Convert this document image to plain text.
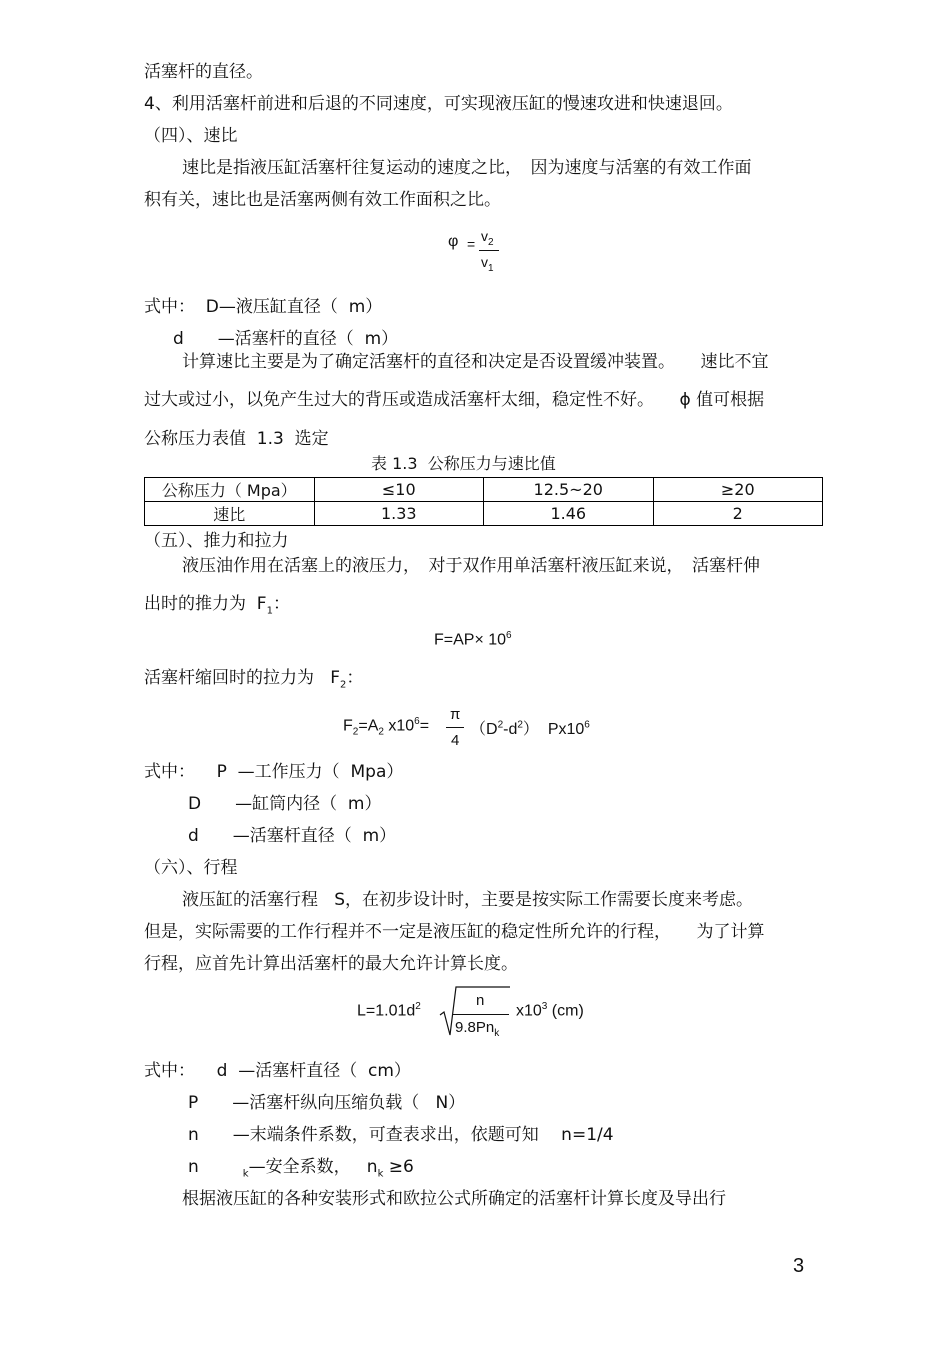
活塞杆的直径。
4、利用活塞杆前进和后退的不同速度，可实现液压缸的慢速攻进和快速退回。
（四）、速比
速比是指液压缸活塞杆往复运动的速度之比，　因为速度与活塞的有效工作面
积有关，速比也是活塞两侧有效工作面积之比。
$\varphi = v_2$
$v_1$
式中：  D—液压缸直径（  m）
d　　—活塞杆的直径（  m）
计算速比主要是为了确定活塞杆的直径和决定是否设置缓冲装置。　　速比不宜
过大或过小，以免产生过大的背压或造成活塞杆太细，稳定性不好。　　ϕ 值可根据
公称压力表值  1.3  选定
表 1.3  公称压力与速比值
公称压力（ Mpa）	≤10	12.5~20	≥20
速比	1.33	1.46	2
（五）、推力和拉力
液压油作用在活塞上的液压力，　对于双作用单活塞杆液压缸来说，　活塞杆伸
出时的推力为  $F_1$：
$F=AP\times 10^6$
活塞杆缩回时的拉力为   $F_2$：
$F_2=A_2$ $x10^6=$
π
4
$(D^2-d^2)$  $Px10^6$
式中：    P  —工作压力（  Mpa）
D　　—缸筒内径（  m）
d　　—活塞杆直径（  m）
（六）、行程
液压缸的活塞行程   S，在初步设计时，主要是按实际工作需要长度来考虑。
但是，实际需要的工作行程并不一定是液压缸的稳定性所允许的行程，　　为了计算
行程，应首先计算出活塞杆的最大允许计算长度。
$L=1.01d^2$	n
$9.8Pn_k$
$x10^3$ (cm)
式中：    d  —活塞杆直径（  cm）
P　　—活塞杆纵向压缩负载（   N）
n　　—末端条件系数，可查表求出，依题可知　 n=1/4
n	$_k$—安全系数，   $n_k \ge 6$
根据液压缸的各种安装形式和欧拉公式所确定的活塞杆计算长度及导出行
3
